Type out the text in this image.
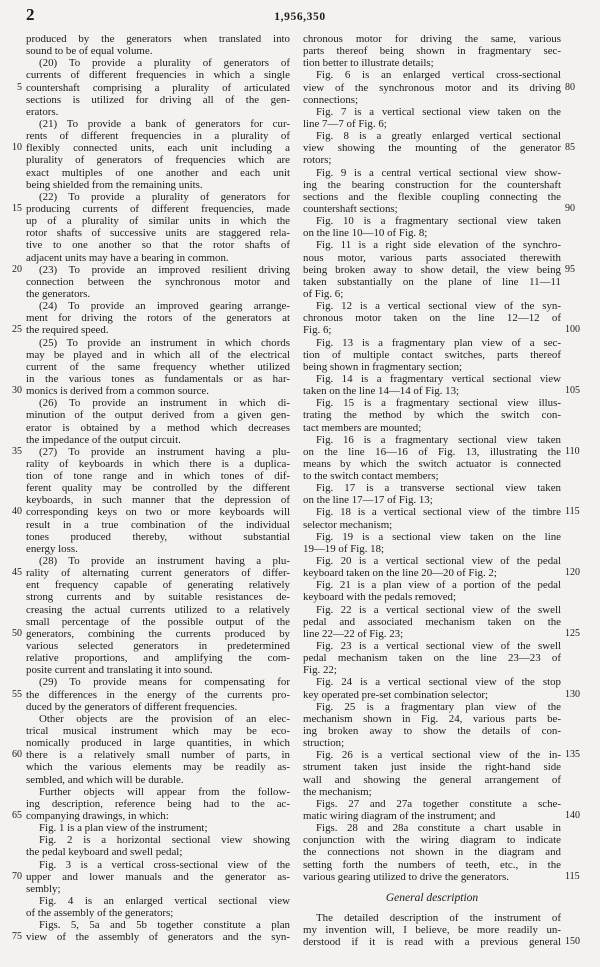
2	1,956,350
produced by the generators when translated into
sound to be of equal volume.
(20) To provide a plurality of generators of
currents of different frequencies in which a single
5 countershaft comprising a plurality of articulated
sections is utilized for driving all of the gen-
erators.
(21) To provide a bank of generators for cur-
rents of different frequencies in a plurality of
10 flexibly connected units, each unit including a
plurality of generators of frequencies which are
exact multiples of one another and each unit
being shielded from the remaining units.
(22) To provide a plurality of generators for
15 producing currents of different frequencies, made
up of a plurality of similar units in which the
rotor shafts of successive units are staggered rela-
tive to one another so that the rotor shafts of
adjacent units may have a bearing in common.
20 (23) To provide an improved resilient driving
connection between the synchronous motor and
the generators.
(24) To provide an improved gearing arrange-
ment for driving the rotors of the generators at
25 the required speed.
(25) To provide an instrument in which chords
may be played and in which all of the electrical
current of the same frequency whether utilized
in the various tones as fundamentals or as har-
30 monics is derived from a common source.
(26) To provide an instrument in which di-
minution of the output derived from a given gen-
erator is obtained by a method which decreases
the impedance of the output circuit.
35 (27) To provide an instrument having a plu-
rality of keyboards in which there is a duplica-
tion of tone range and in which tones of dif-
ferent quality may be controlled by the different
keyboards, in such manner that the depression of
40 corresponding keys on two or more keyboards will
result in a true combination of the individual
tones produced thereby, without substantial
energy loss.
(28) To provide an instrument having a plu-
45 rality of alternating current generators of differ-
ent frequency capable of generating relatively
strong currents and by suitable resistances de-
creasing the actual currents utilized to a relatively
small percentage of the possible output of the
50 generators, combining the currents produced by
various selected generators in predetermined
relative proportions, and amplifying the com-
posite current and translating it into sound.
(29) To provide means for compensating for
55 the differences in the energy of the currents pro-
duced by the generators of different frequencies.
Other objects are the provision of an elec-
trical musical instrument which may be eco-
nomically produced in large quantities, in which
60 there is a relatively small number of parts, in
which the various elements may be readily as-
sembled, and which will be durable.
Further objects will appear from the follow-
ing description, reference being had to the ac-
65 companying drawings, in which:
Fig. 1 is a plan view of the instrument;
Fig. 2 is a horizontal sectional view showing
the pedal keyboard and swell pedal;
Fig. 3 is a vertical cross-sectional view of the
70 upper and lower manuals and the generator as-
sembly;
Fig. 4 is an enlarged vertical sectional view
of the assembly of the generators;
Figs. 5, 5a and 5b together constitute a plan
75 view of the assembly of generators and the syn-
chronous motor for driving the same, various
parts thereof being shown in fragmentary sec-
tion better to illustrate details;
Fig. 6 is an enlarged vertical cross-sectional
80
view of the synchronous motor and its driving
connections;
Fig. 7 is a vertical sectional view taken on the
line 7—7 of Fig. 6;
Fig. 8 is a greatly enlarged vertical sectional
85
view showing the mounting of the generator
rotors;
Fig. 9 is a central vertical sectional view show-
ing the bearing construction for the countershaft
sections and the flexible coupling connecting the
90
countershaft sections;
Fig. 10 is a fragmentary sectional view taken
on the line 10—10 of Fig. 8;
Fig. 11 is a right side elevation of the synchro-
nous motor, various parts associated therewith
95
being broken away to show detail, the view being
taken substantially on the plane of line 11—11
of Fig. 6;
Fig. 12 is a vertical sectional view of the syn-
chronous motor taken on the line 12—12 of
100
Fig. 6;
Fig. 13 is a fragmentary plan view of a sec-
tion of multiple contact switches, parts thereof
being shown in fragmentary section;
Fig. 14 is a fragmentary vertical sectional view
105
taken on the line 14—14 of Fig. 13;
Fig. 15 is a fragmentary sectional view illus-
trating the method by which the switch con-
tact members are mounted;
Fig. 16 is a fragmentary sectional view taken
110
on the line 16—16 of Fig. 13, illustrating the
means by which the switch actuator is connected
to the switch contact members;
Fig. 17 is a transverse sectional view taken
on the line 17—17 of Fig. 13;
115
Fig. 18 is a vertical sectional view of the timbre
selector mechanism;
Fig. 19 is a sectional view taken on the line
19—19 of Fig. 18;
Fig. 20 is a vertical sectional view of the pedal
120
keyboard taken on the line 20—20 of Fig. 2;
Fig. 21 is a plan view of a portion of the pedal
keyboard with the pedals removed;
Fig. 22 is a vertical sectional view of the swell
pedal and associated mechanism taken on the
125
line 22—22 of Fig. 23;
Fig. 23 is a vertical sectional view of the swell
pedal mechanism taken on the line 23—23 of
Fig. 22;
Fig. 24 is a vertical sectional view of the stop
130
key operated pre-set combination selector;
Fig. 25 is a fragmentary plan view of the
mechanism shown in Fig. 24, various parts be-
ing broken away to show the details of con-
struction;
135
Fig. 26 is a vertical sectional view of the in-
strument taken just inside the right-hand side
wall and showing the general arrangement of
the mechanism;
Figs. 27 and 27a together constitute a sche-
140
matic wiring diagram of the instrument; and
Figs. 28 and 28a constitute a chart usable in
conjunction with the wiring diagram to indicate
the connections not shown in the diagram and
setting forth the numbers of teeth, etc., in the
115
various gearing utilized to drive the generators.
General description
The detailed description of the instrument of
my invention will, I believe, be more readily un-
150
derstood if it is read with a previous general
